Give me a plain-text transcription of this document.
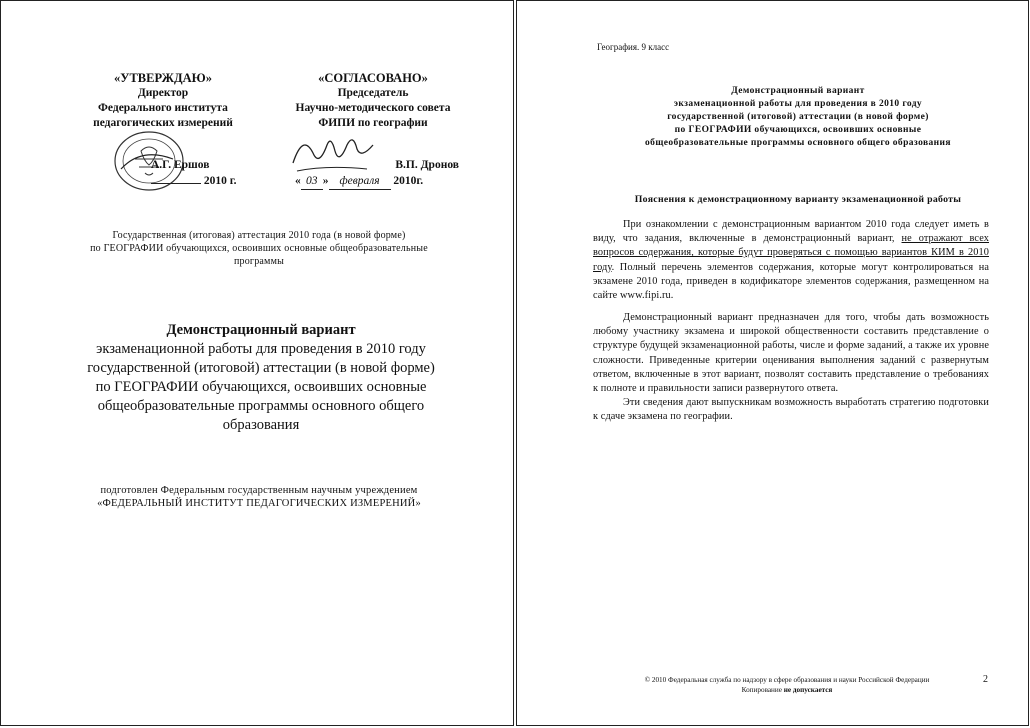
«УТВЕРЖДАЮ»
Директор
Федерального института
педагогических измерений
«СОГЛАСОВАНО»
Председатель
Научно-методического совета
ФИПИ по географии
А.Г. Ершов
2010 г.
В.П. Дронов
« 03 » февраля 2010г.
Государственная (итоговая) аттестация 2010 года (в новой форме)
по ГЕОГРАФИИ обучающихся, освоивших основные общеобразовательные
программы
Демонстрационный вариант
экзаменационной работы для проведения в 2010 году
государственной (итоговой) аттестации (в новой форме)
по ГЕОГРАФИИ обучающихся, освоивших основные
общеобразовательные программы основного общего
образования
подготовлен Федеральным государственным научным учреждением
«ФЕДЕРАЛЬНЫЙ ИНСТИТУТ ПЕДАГОГИЧЕСКИХ ИЗМЕРЕНИЙ»
География. 9 класс
Демонстрационный вариант
экзаменационной работы для проведения в 2010 году
государственной (итоговой) аттестации (в новой форме)
по ГЕОГРАФИИ обучающихся, освоивших основные
общеобразовательные программы основного общего образования
Пояснения к демонстрационному варианту экзаменационной работы
При ознакомлении с демонстрационным вариантом 2010 года следует иметь в виду, что задания, включенные в демонстрационный вариант, не отражают всех вопросов содержания, которые будут проверяться с помощью вариантов КИМ в 2010 году. Полный перечень элементов содержания, которые могут контролироваться на экзамене 2010 года, приведен в кодификаторе элементов содержания, размещенном на сайте www.fipi.ru.
Демонстрационный вариант предназначен для того, чтобы дать возможность любому участнику экзамена и широкой общественности составить представление о структуре будущей экзаменационной работы, числе и форме заданий, а также их уровне сложности. Приведенные критерии оценивания выполнения заданий с развернутым ответом, включенные в этот вариант, позволят составить представление о требованиях к полноте и правильности записи развернутого ответа.
Эти сведения дают выпускникам возможность выработать стратегию подготовки к сдаче экзамена по географии.
© 2010 Федеральная служба по надзору в сфере образования и науки Российской Федерации
Копирование не допускается
2
